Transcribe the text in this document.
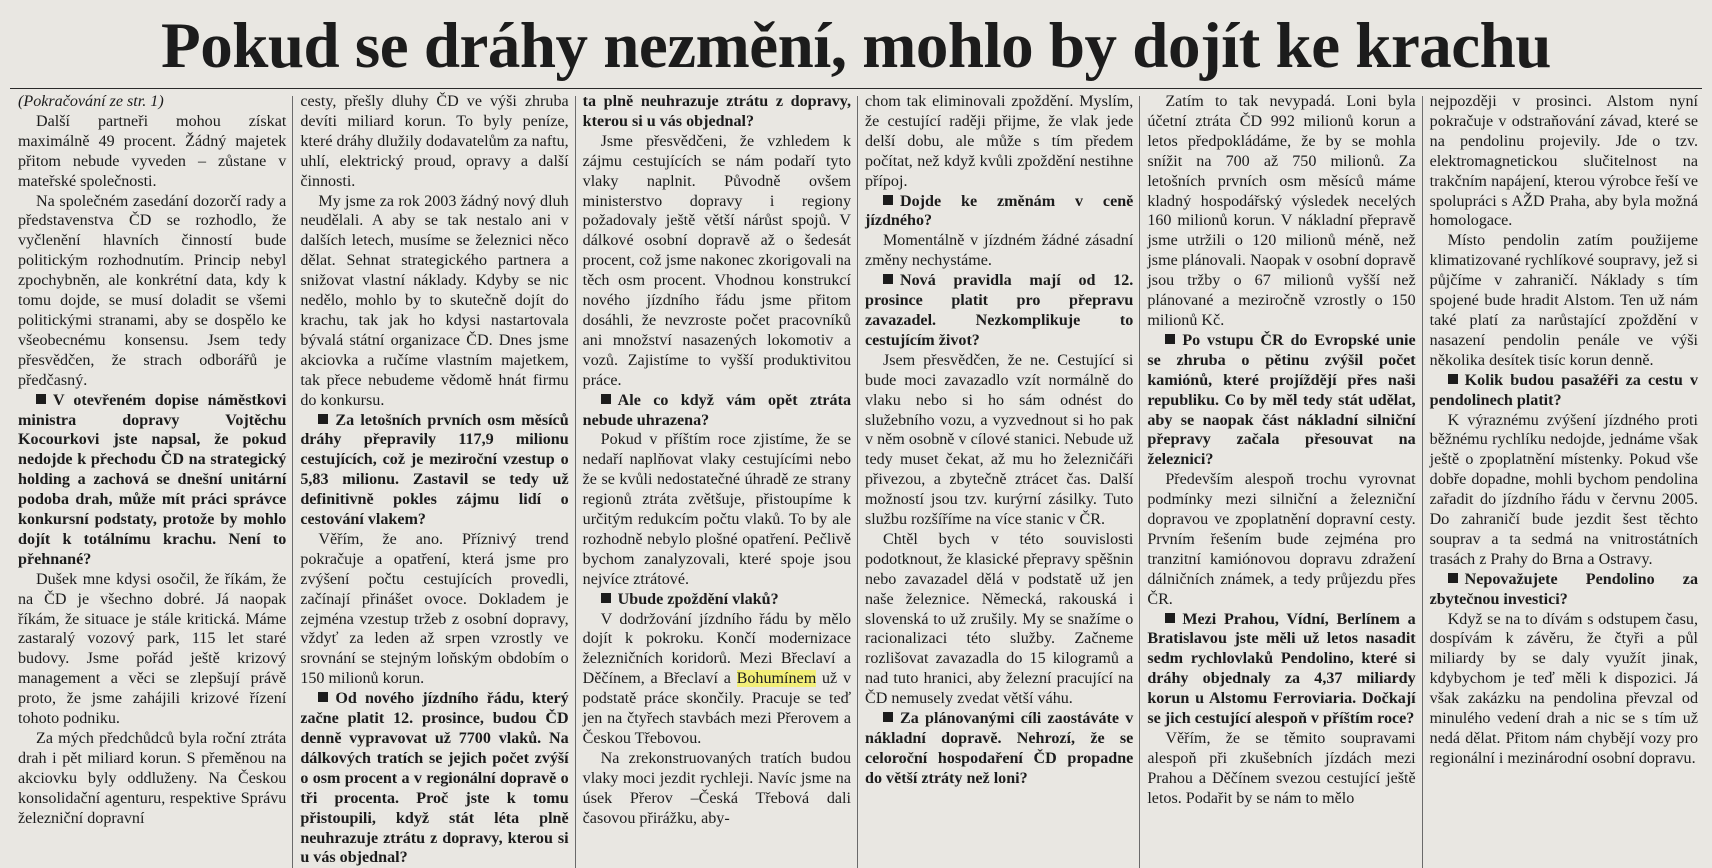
Pokud se dráhy nezmění, mohlo by dojít ke krachu

(Pokračování ze str. 1)

Další partneři mohou získat maximálně 49 procent. Žádný majetek přitom nebude vyveden – zůstane v mateřské společnosti.

Na společném zasedání dozorčí rady a představenstva ČD se rozhodlo, že vyčlenění hlavních činností bude politickým rozhodnutím. Princip nebyl zpochybněn, ale konkrétní data, kdy k tomu dojde, se musí doladit se všemi politickými stranami, aby se dospělo ke všeobecnému konsensu. Jsem tedy přesvědčen, že strach odborářů je předčasný.

V otevřeném dopise náměstkovi ministra dopravy Vojtěchu Kocourkovi jste napsal, že pokud nedojde k přechodu ČD na strategický holding a zachová se dnešní unitární podoba drah, může mít práci správce konkursní podstaty, protože by mohlo dojít k totálnímu krachu. Není to přehnané?

Dušek mne kdysi osočil, že říkám, že na ČD je všechno dobré. Já naopak říkám, že situace je stále kritická. Máme zastaralý vozový park, 115 let staré budovy. Jsme pořád ještě krizový management a věci se zlepšují právě proto, že jsme zahájili krizové řízení tohoto podniku.

Za mých předchůdců byla roční ztráta drah i pět miliard korun. S přeměnou na akciovku byly oddluženy. Na Českou konsolidační agenturu, respektive Správu železniční dopravní

cesty, přešly dluhy ČD ve výši zhruba devíti miliard korun. To byly peníze, které dráhy dlužily dodavatelům za naftu, uhlí, elektrický proud, opravy a další činnosti.

My jsme za rok 2003 žádný nový dluh neudělali. A aby se tak nestalo ani v dalších letech, musíme se železnici něco dělat. Sehnat strategického partnera a snižovat vlastní náklady. Kdyby se nic nedělo, mohlo by to skutečně dojít do krachu, tak jak ho kdysi nastartovala bývalá státní organizace ČD. Dnes jsme akciovka a ručíme vlastním majetkem, tak přece nebudeme vědomě hnát firmu do konkursu.

Za letošních prvních osm měsíců dráhy přepravily 117,9 milionu cestujících, což je meziroční vzestup o 5,83 milionu. Zastavil se tedy už definitivně pokles zájmu lidí o cestování vlakem?

Věřím, že ano. Příznivý trend pokračuje a opatření, která jsme pro zvýšení počtu cestujících provedli, začínají přinášet ovoce. Dokladem je zejména vzestup tržeb z osobní dopravy, vždyť za leden až srpen vzrostly ve srovnání se stejným loňským obdobím o 150 milionů korun.

Od nového jízdního řádu, který začne platit 12. prosince, budou ČD denně vypravovat už 7700 vlaků. Na dálkových tratích se jejich počet zvýší o osm procent a v regionální dopravě o tři procenta. Proč jste k tomu přistoupili, když stát léta plně neuhrazuje ztrátu z dopravy, kterou si u vás objednal?

ta plně neuhrazuje ztrátu z dopravy, kterou si u vás objednal?

Jsme přesvědčeni, že vzhledem k zájmu cestujících se nám podaří tyto vlaky naplnit. Původně ovšem ministerstvo dopravy i regiony požadovaly ještě větší nárůst spojů. V dálkové osobní dopravě až o šedesát procent, což jsme nakonec zkorigovali na těch osm procent. Vhodnou konstrukcí nového jízdního řádu jsme přitom dosáhli, že nevzroste počet pracovníků ani množství nasazených lokomotiv a vozů. Zajistíme to vyšší produktivitou práce.

Ale co když vám opět ztráta nebude uhrazena?

Pokud v příštím roce zjistíme, že se nedaří naplňovat vlaky cestujícími nebo že se kvůli nedostatečné úhradě ze strany regionů ztráta zvětšuje, přistoupíme k určitým redukcím počtu vlaků. To by ale rozhodně nebylo plošné opatření. Pečlivě bychom zanalyzovali, které spoje jsou nejvíce ztrátové.

Ubude zpoždění vlaků?

V dodržování jízdního řádu by mělo dojít k pokroku. Končí modernizace železničních koridorů. Mezi Břeclaví a Děčínem, a Břeclaví a Bohumínem už v podstatě práce skončily. Pracuje se teď jen na čtyřech stavbách mezi Přerovem a Českou Třebovou.

Na zrekonstruovaných tratích budou vlaky moci jezdit rychleji. Navíc jsme na úsek Přerov –Česká Třebová dali časovou přirážku, aby-

chom tak eliminovali zpoždění. Myslím, že cestující raději přijme, že vlak jede delší dobu, ale může s tím předem počítat, než když kvůli zpoždění nestihne přípoj.

Dojde ke změnám v ceně jízdného?

Momentálně v jízdném žádné zásadní změny nechystáme.

Nová pravidla mají od 12. prosince platit pro přepravu zavazadel. Nezkomplikuje to cestujícím život?

Jsem přesvědčen, že ne. Cestující si bude moci zavazadlo vzít normálně do vlaku nebo si ho sám odnést do služebního vozu, a vyzvednout si ho pak v něm osobně v cílové stanici. Nebude už tedy muset čekat, až mu ho železničáři přivezou, a zbytečně ztrácet čas. Další možností jsou tzv. kurýrní zásilky. Tuto službu rozšíříme na více stanic v ČR.

Chtěl bych v této souvislosti podotknout, že klasické přepravy spěšnin nebo zavazadel dělá v podstatě už jen naše železnice. Německá, rakouská i slovenská to už zrušily. My se snažíme o racionalizaci této služby. Začneme rozlišovat zavazadla do 15 kilogramů a nad tuto hranici, aby železní pracující na ČD nemusely zvedat větší váhu.

Za plánovanými cíli zaostáváte v nákladní dopravě. Nehrozí, že se celoroční hospodaření ČD propadne do větší ztráty než loni?

Zatím to tak nevypadá. Loni byla účetní ztráta ČD 992 milionů korun a letos předpokládáme, že by se mohla snížit na 700 až 750 milionů. Za letošních prvních osm měsíců máme kladný hospodářský výsledek necelých 160 milionů korun. V nákladní přepravě jsme utržili o 120 milionů méně, než jsme plánovali. Naopak v osobní dopravě jsou tržby o 67 milionů vyšší než plánované a meziročně vzrostly o 150 milionů Kč.

Po vstupu ČR do Evropské unie se zhruba o pětinu zvýšil počet kamiónů, které projíždějí přes naši republiku. Co by měl tedy stát udělat, aby se naopak část nákladní silniční přepravy začala přesouvat na železnici?

Především alespoň trochu vyrovnat podmínky mezi silniční a železniční dopravou ve zpoplatnění dopravní cesty. Prvním řešením bude zejména pro tranzitní kamiónovou dopravu zdražení dálničních známek, a tedy průjezdu přes ČR.

Mezi Prahou, Vídní, Berlínem a Bratislavou jste měli už letos nasadit sedm rychlovlaků Pendolino, které si dráhy objednaly za 4,37 miliardy korun u Alstomu Ferroviaria. Dočkají se jich cestující alespoň v příštím roce?

Věřím, že se těmito soupravami alespoň při zkušebních jízdách mezi Prahou a Děčínem svezou cestující ještě letos. Podařit by se nám to mělo

nejpozději v prosinci. Alstom nyní pokračuje v odstraňování závad, které se na pendolinu projevily. Jde o tzv. elektromagnetickou slučitelnost na trakčním napájení, kterou výrobce řeší ve spolupráci s AŽD Praha, aby byla možná homologace.

Místo pendolin zatím použijeme klimatizované rychlíkové soupravy, jež si půjčíme v zahraničí. Náklady s tím spojené bude hradit Alstom. Ten už nám také platí za narůstající zpoždění v nasazení pendolin penále ve výši několika desítek tisíc korun denně.

Kolik budou pasažéři za cestu v pendolinech platit?

K výraznému zvýšení jízdného proti běžnému rychlíku nedojde, jednáme však ještě o zpoplatnění místenky. Pokud vše dobře dopadne, mohli bychom pendolina zařadit do jízdního řádu v červnu 2005. Do zahraničí bude jezdit šest těchto souprav a ta sedmá na vnitrostátních trasách z Prahy do Brna a Ostravy.

Nepovažujete Pendolino za zbytečnou investici?

Když se na to dívám s odstupem času, dospívám k závěru, že čtyři a půl miliardy by se daly využít jinak, kdybychom je teď měli k dispozici. Já však zakázku na pendolina převzal od minulého vedení drah a nic se s tím už nedá dělat. Přitom nám chybějí vozy pro regionální i mezinárodní osobní dopravu.
